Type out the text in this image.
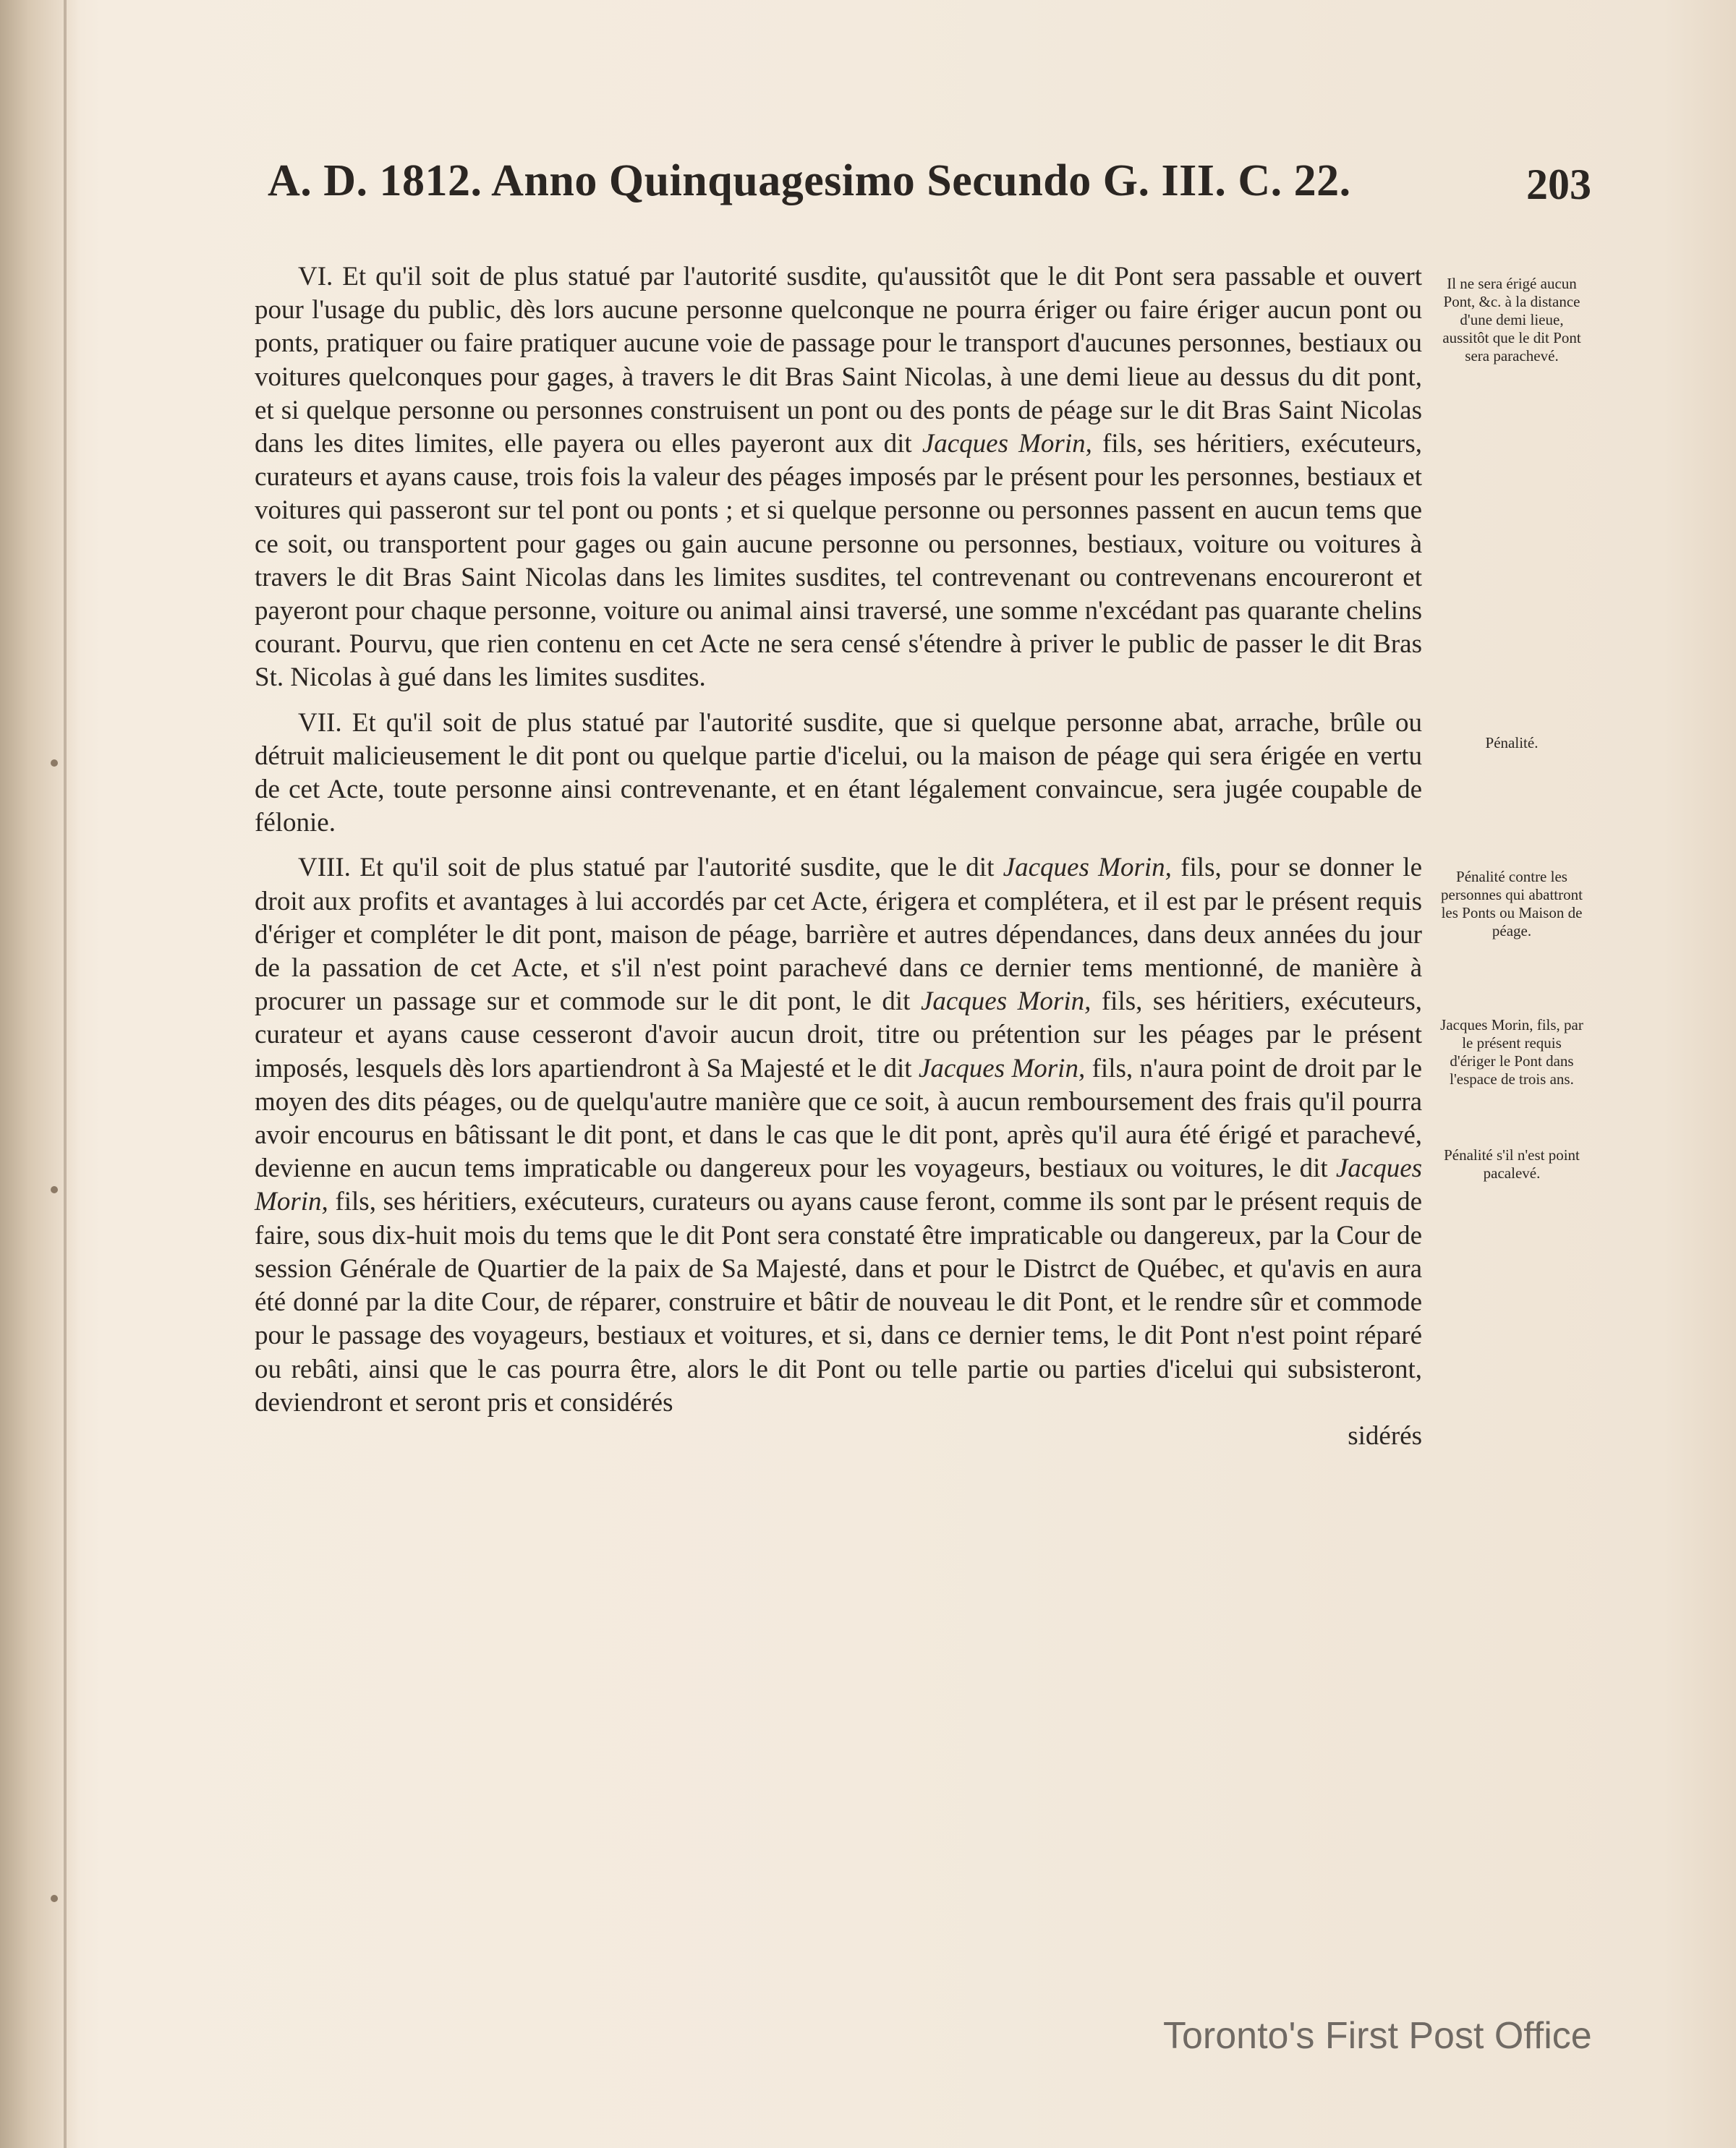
A. D. 1812. Anno Quinquagesimo Secundo G. III. C. 22.	203

VI. Et qu'il soit de plus statué par l'autorité susdite, qu'aussitôt que le dit Pont sera passable et ouvert pour l'usage du public, dès lors aucune personne quelconque ne pourra ériger ou faire ériger aucun pont ou ponts, pratiquer ou faire pratiquer aucune voie de passage pour le transport d'aucunes personnes, bestiaux ou voitures quelconques pour gages, à travers le dit Bras Saint Nicolas, à une demi lieue au dessus du dit pont, et si quelque personne ou personnes construisent un pont ou des ponts de péage sur le dit Bras Saint Nicolas dans les dites limites, elle payera ou elles payeront aux dit Jacques Morin, fils, ses héritiers, exécuteurs, curateurs et ayans cause, trois fois la valeur des péages imposés par le présent pour les personnes, bestiaux et voitures qui passeront sur tel pont ou ponts ; et si quelque personne ou personnes passent en aucun tems que ce soit, ou transportent pour gages ou gain aucune personne ou personnes, bestiaux, voiture ou voitures à travers le dit Bras Saint Nicolas dans les limites susdites, tel contrevenant ou contrevenans encoureront et payeront pour chaque personne, voiture ou animal ainsi traversé, une somme n'excédant pas quarante chelins courant. Pourvu, que rien contenu en cet Acte ne sera censé s'étendre à priver le public de passer le dit Bras St. Nicolas à gué dans les limites susdites.

VII. Et qu'il soit de plus statué par l'autorité susdite, que si quelque personne abat, arrache, brûle ou détruit malicieusement le dit pont ou quelque partie d'icelui, ou la maison de péage qui sera érigée en vertu de cet Acte, toute personne ainsi contrevenante, et en étant légalement convaincue, sera jugée coupable de félonie.

VIII. Et qu'il soit de plus statué par l'autorité susdite, que le dit Jacques Morin, fils, pour se donner le droit aux profits et avantages à lui accordés par cet Acte, érigera et complétera, et il est par le présent requis d'ériger et compléter le dit pont, maison de péage, barrière et autres dépendances, dans deux années du jour de la passation de cet Acte, et s'il n'est point parachevé dans ce dernier tems mentionné, de manière à procurer un passage sur et commode sur le dit pont, le dit Jacques Morin, fils, ses héritiers, exécuteurs, curateur et ayans cause cesseront d'avoir aucun droit, titre ou prétention sur les péages par le présent imposés, lesquels dès lors apartiendront à Sa Majesté et le dit Jacques Morin, fils, n'aura point de droit par le moyen des dits péages, ou de quelqu'autre manière que ce soit, à aucun remboursement des frais qu'il pourra avoir encourus en bâtissant le dit pont, et dans le cas que le dit pont, après qu'il aura été érigé et parachevé, devienne en aucun tems impraticable ou dangereux pour les voyageurs, bestiaux ou voitures, le dit Jacques Morin, fils, ses héritiers, exécuteurs, curateurs ou ayans cause feront, comme ils sont par le présent requis de faire, sous dix-huit mois du tems que le dit Pont sera constaté être impraticable ou dangereux, par la Cour de session Générale de Quartier de la paix de Sa Majesté, dans et pour le Distrct de Québec, et qu'avis en aura été donné par la dite Cour, de réparer, construire et bâtir de nouveau le dit Pont, et le rendre sûr et commode pour le passage des voyageurs, bestiaux et voitures, et si, dans ce dernier tems, le dit Pont n'est point réparé ou rebâti, ainsi que le cas pourra être, alors le dit Pont ou telle partie ou parties d'icelui qui subsisteront, deviendront et seront pris et considérés

sidérés
Il ne sera érigé aucun Pont, &c. à la distance d'une demi lieue, aussitôt que le dit Pont sera parachevé.
Pénalité.
Pénalité contre les personnes qui abattront les Ponts ou Maison de péage.
Jacques Morin, fils, par le présent requis d'ériger le Pont dans l'espace de trois ans.
Pénalité s'il n'est point pacalevé.
Toronto's First Post Office
